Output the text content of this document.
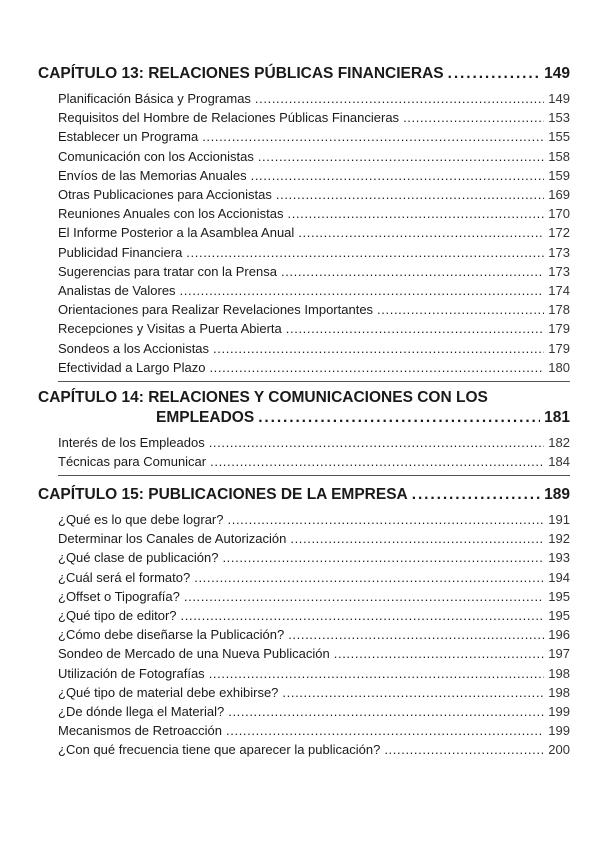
CAPÍTULO 13: RELACIONES PÚBLICAS FINANCIERAS . . .	149
Planificación Básica y Programas . . .	149
Requisitos del Hombre de Relaciones Públicas Financieras . . .	153
Establecer un Programa . . .	155
Comunicación con los Accionistas . . .	158
Envíos de las Memorias Anuales . . .	159
Otras Publicaciones para Accionistas . . .	169
Reuniones Anuales con los Accionistas . . .	170
El Informe Posterior a la Asamblea Anual . . .	172
Publicidad Financiera . . .	173
Sugerencias para tratar con la Prensa . . .	173
Analistas de Valores . . .	174
Orientaciones para Realizar Revelaciones Importantes . . .	178
Recepciones y Visitas a Puerta Abierta . . .	179
Sondeos a los Accionistas . . .	179
Efectividad a Largo Plazo . . .	180
CAPÍTULO 14: RELACIONES Y COMUNICACIONES CON LOS
EMPLEADOS . . .	181
Interés de los Empleados . . .	182
Técnicas para Comunicar . . .	184
CAPÍTULO 15: PUBLICACIONES DE LA EMPRESA . . .	189
¿Qué es lo que debe lograr? . . .	191
Determinar los Canales de Autorización . . .	192
¿Qué clase de publicación? . . .	193
¿Cuál será el formato? . . .	194
¿Offset o Tipografía? . . .	195
¿Qué tipo de editor? . . .	195
¿Cómo debe diseñarse la Publicación? . . .	196
Sondeo de Mercado de una Nueva Publicación . . .	197
Utilización de Fotografías . . .	198
¿Qué tipo de material debe exhibirse? . . .	198
¿De dónde llega el Material? . . .	199
Mecanismos de Retroacción . . .	199
¿Con qué frecuencia tiene que aparecer la publicación? . . .	200
